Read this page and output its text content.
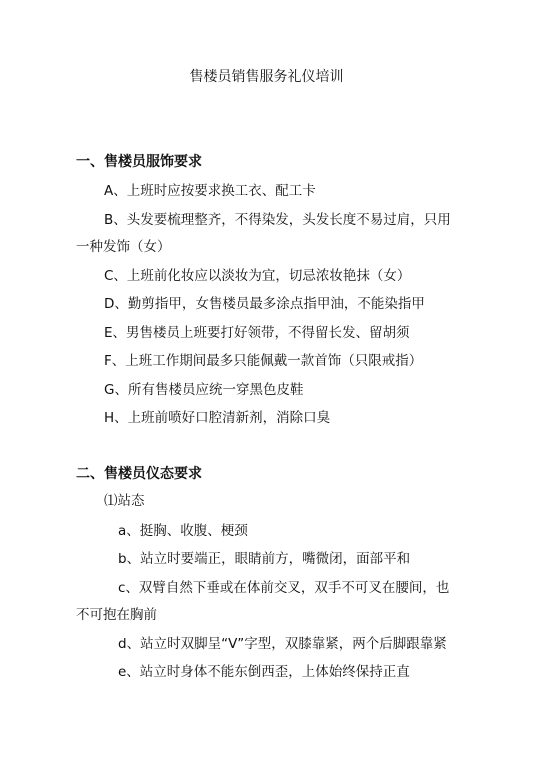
售楼员销售服务礼仪培训
一、售楼员服饰要求
A、上班时应按要求换工衣、配工卡
B、头发要梳理整齐，不得染发，头发长度不易过肩，只用
一种发饰（女）
C、上班前化妆应以淡妆为宜，切忌浓妆艳抹（女）
D、勤剪指甲，女售楼员最多涂点指甲油，不能染指甲
E、男售楼员上班要打好领带，不得留长发、留胡须
F、上班工作期间最多只能佩戴一款首饰（只限戒指）
G、所有售楼员应统一穿黑色皮鞋
H、上班前喷好口腔清新剂，消除口臭
二、售楼员仪态要求
⑴站态
a、挺胸、收腹、梗颈
b、站立时要端正，眼睛前方，嘴微闭，面部平和
c、双臂自然下垂或在体前交叉，双手不可叉在腰间，也
不可抱在胸前
d、站立时双脚呈“V”字型，双膝靠紧，两个后脚跟靠紧
e、站立时身体不能东倒西歪，上体始终保持正直
